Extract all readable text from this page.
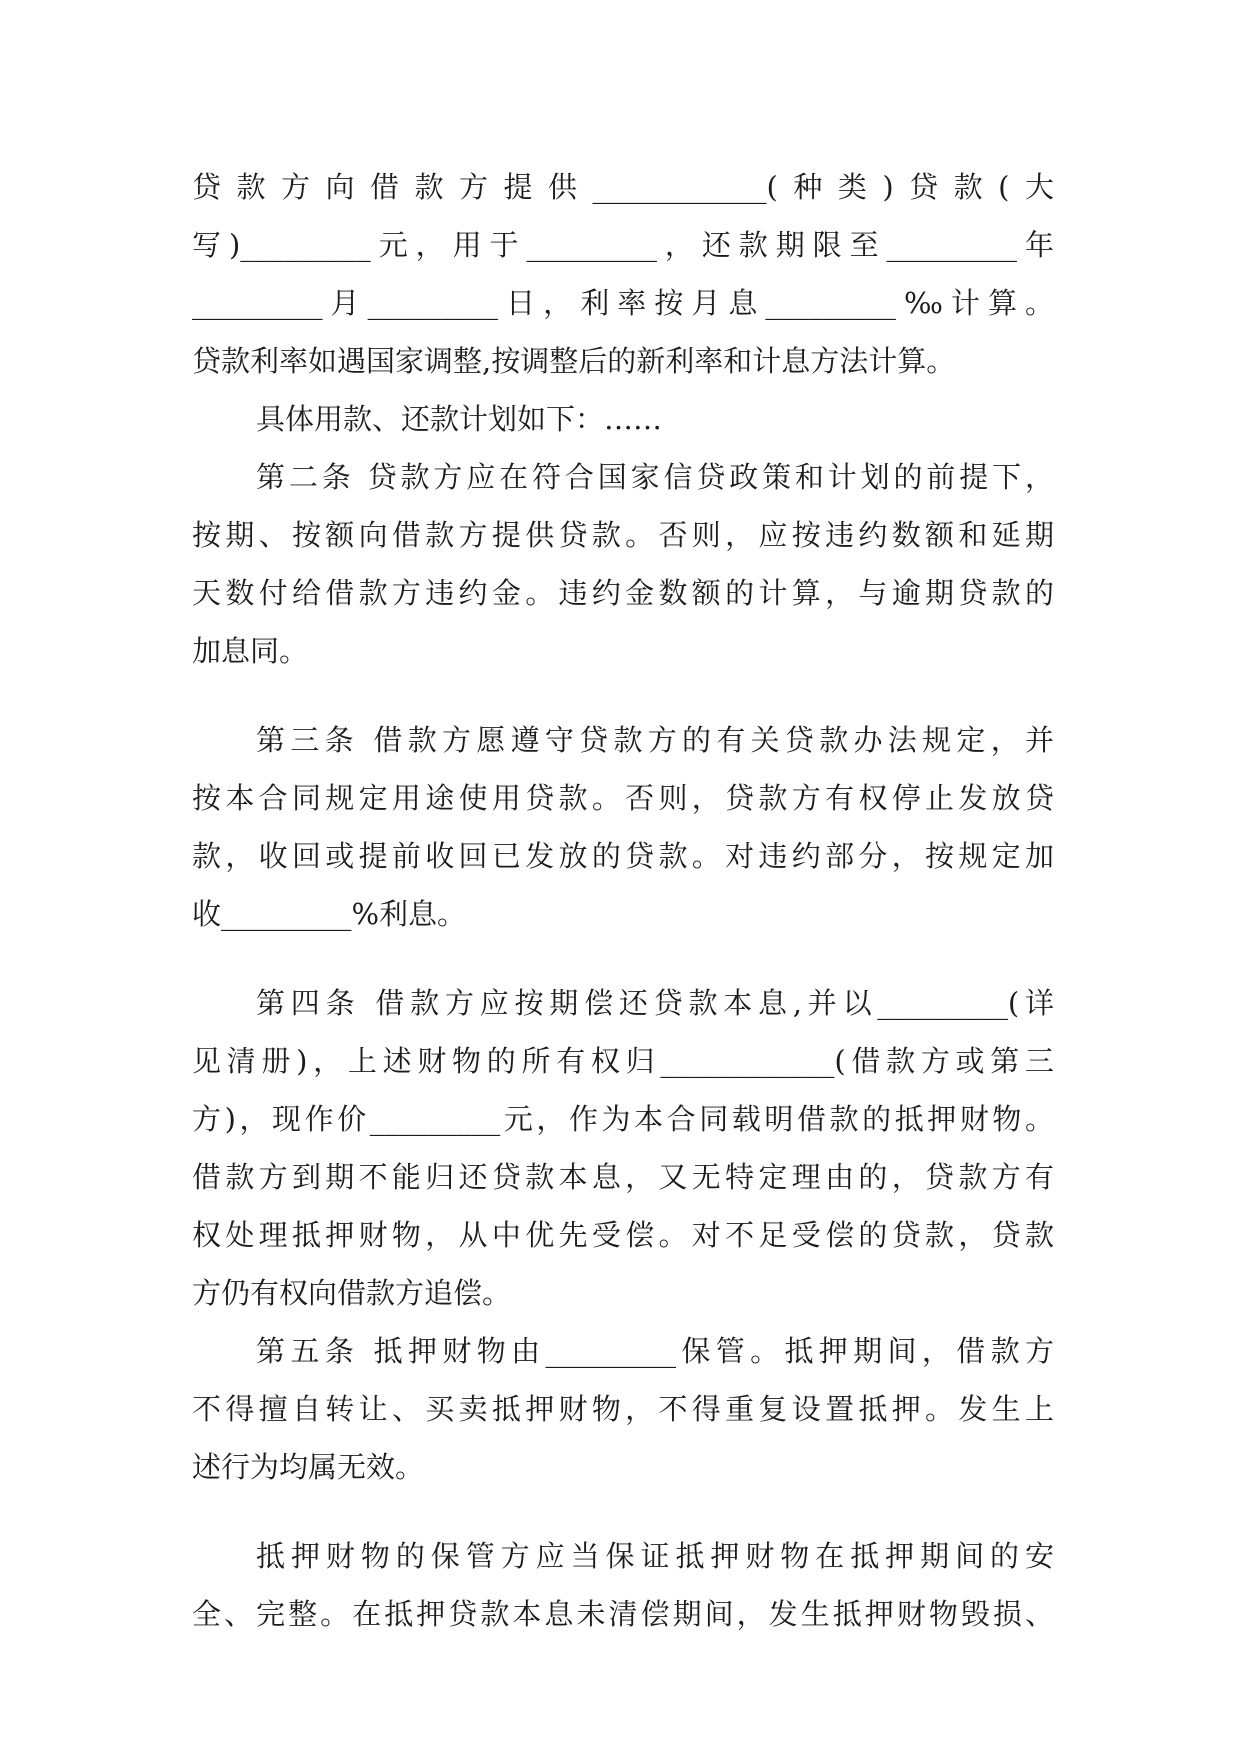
贷款方向借款方提供____________(种类)贷款(大
写)_________元，用于_________，还款期限至_________年
_________月_________日，利率按月息_________‰计算。
贷款利率如遇国家调整,按调整后的新利率和计息方法计算。
具体用款、还款计划如下：……
第二条 贷款方应在符合国家信贷政策和计划的前提下，
按期、按额向借款方提供贷款。否则，应按违约数额和延期
天数付给借款方违约金。违约金数额的计算，与逾期贷款的
加息同。
第三条 借款方愿遵守贷款方的有关贷款办法规定，并
按本合同规定用途使用贷款。否则，贷款方有权停止发放贷
款，收回或提前收回已发放的贷款。对违约部分，按规定加
收_________%利息。
第四条 借款方应按期偿还贷款本息,并以_________(详
见清册)，上述财物的所有权归____________(借款方或第三
方)，现作价_________元，作为本合同载明借款的抵押财物。
借款方到期不能归还贷款本息，又无特定理由的，贷款方有
权处理抵押财物，从中优先受偿。对不足受偿的贷款，贷款
方仍有权向借款方追偿。
第五条 抵押财物由_________保管。抵押期间，借款方
不得擅自转让、买卖抵押财物，不得重复设置抵押。发生上
述行为均属无效。
抵押财物的保管方应当保证抵押财物在抵押期间的安
全、完整。在抵押贷款本息未清偿期间，发生抵押财物毁损、
